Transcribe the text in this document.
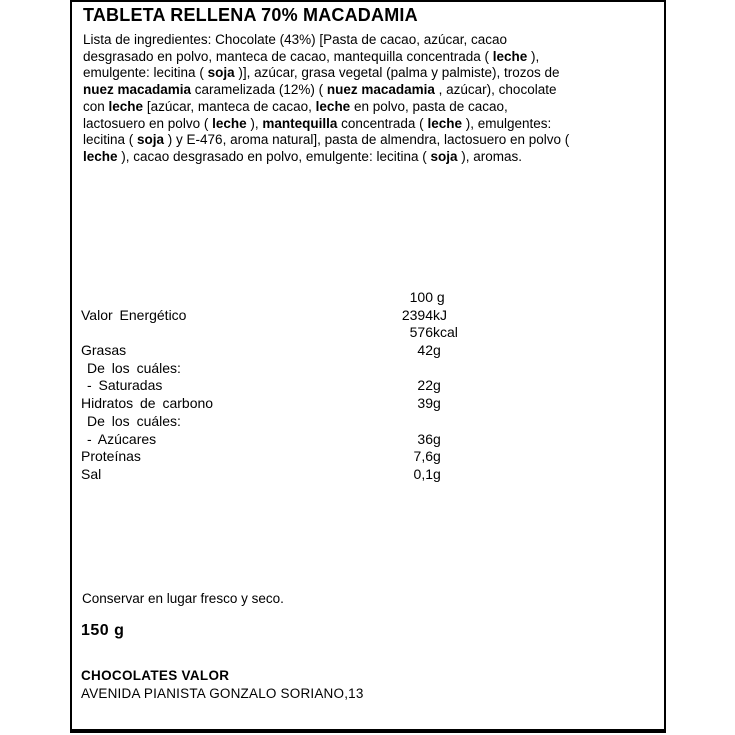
TABLETA RELLENA 70% MACADAMIA
Lista de ingredientes: Chocolate (43%) [Pasta de cacao, azúcar, cacao
desgrasado en polvo, manteca de cacao, mantequilla concentrada ( leche ),
emulgente: lecitina ( soja )], azúcar, grasa vegetal (palma y palmiste), trozos de
nuez macadamia caramelizada (12%) ( nuez macadamia , azúcar), chocolate
con leche [azúcar, manteca de cacao, leche en polvo, pasta de cacao,
lactosuero en polvo ( leche ), mantequilla concentrada ( leche ), emulgentes:
lecitina ( soja ) y E-476, aroma natural], pasta de almendra, lactosuero en polvo (
leche ), cacao desgrasado en polvo, emulgente: lecitina ( soja ), aromas.
100 g
Valor Energético	2394 kJ
576 kcal
Grasas	42 g
De los cuáles:
- Saturadas	22 g
Hidratos de carbono	39 g
De los cuáles:
- Azúcares	36 g
Proteínas	7,6 g
Sal	0,1 g
Conservar en lugar fresco y seco.
150 g
CHOCOLATES VALOR
AVENIDA PIANISTA GONZALO SORIANO,13
